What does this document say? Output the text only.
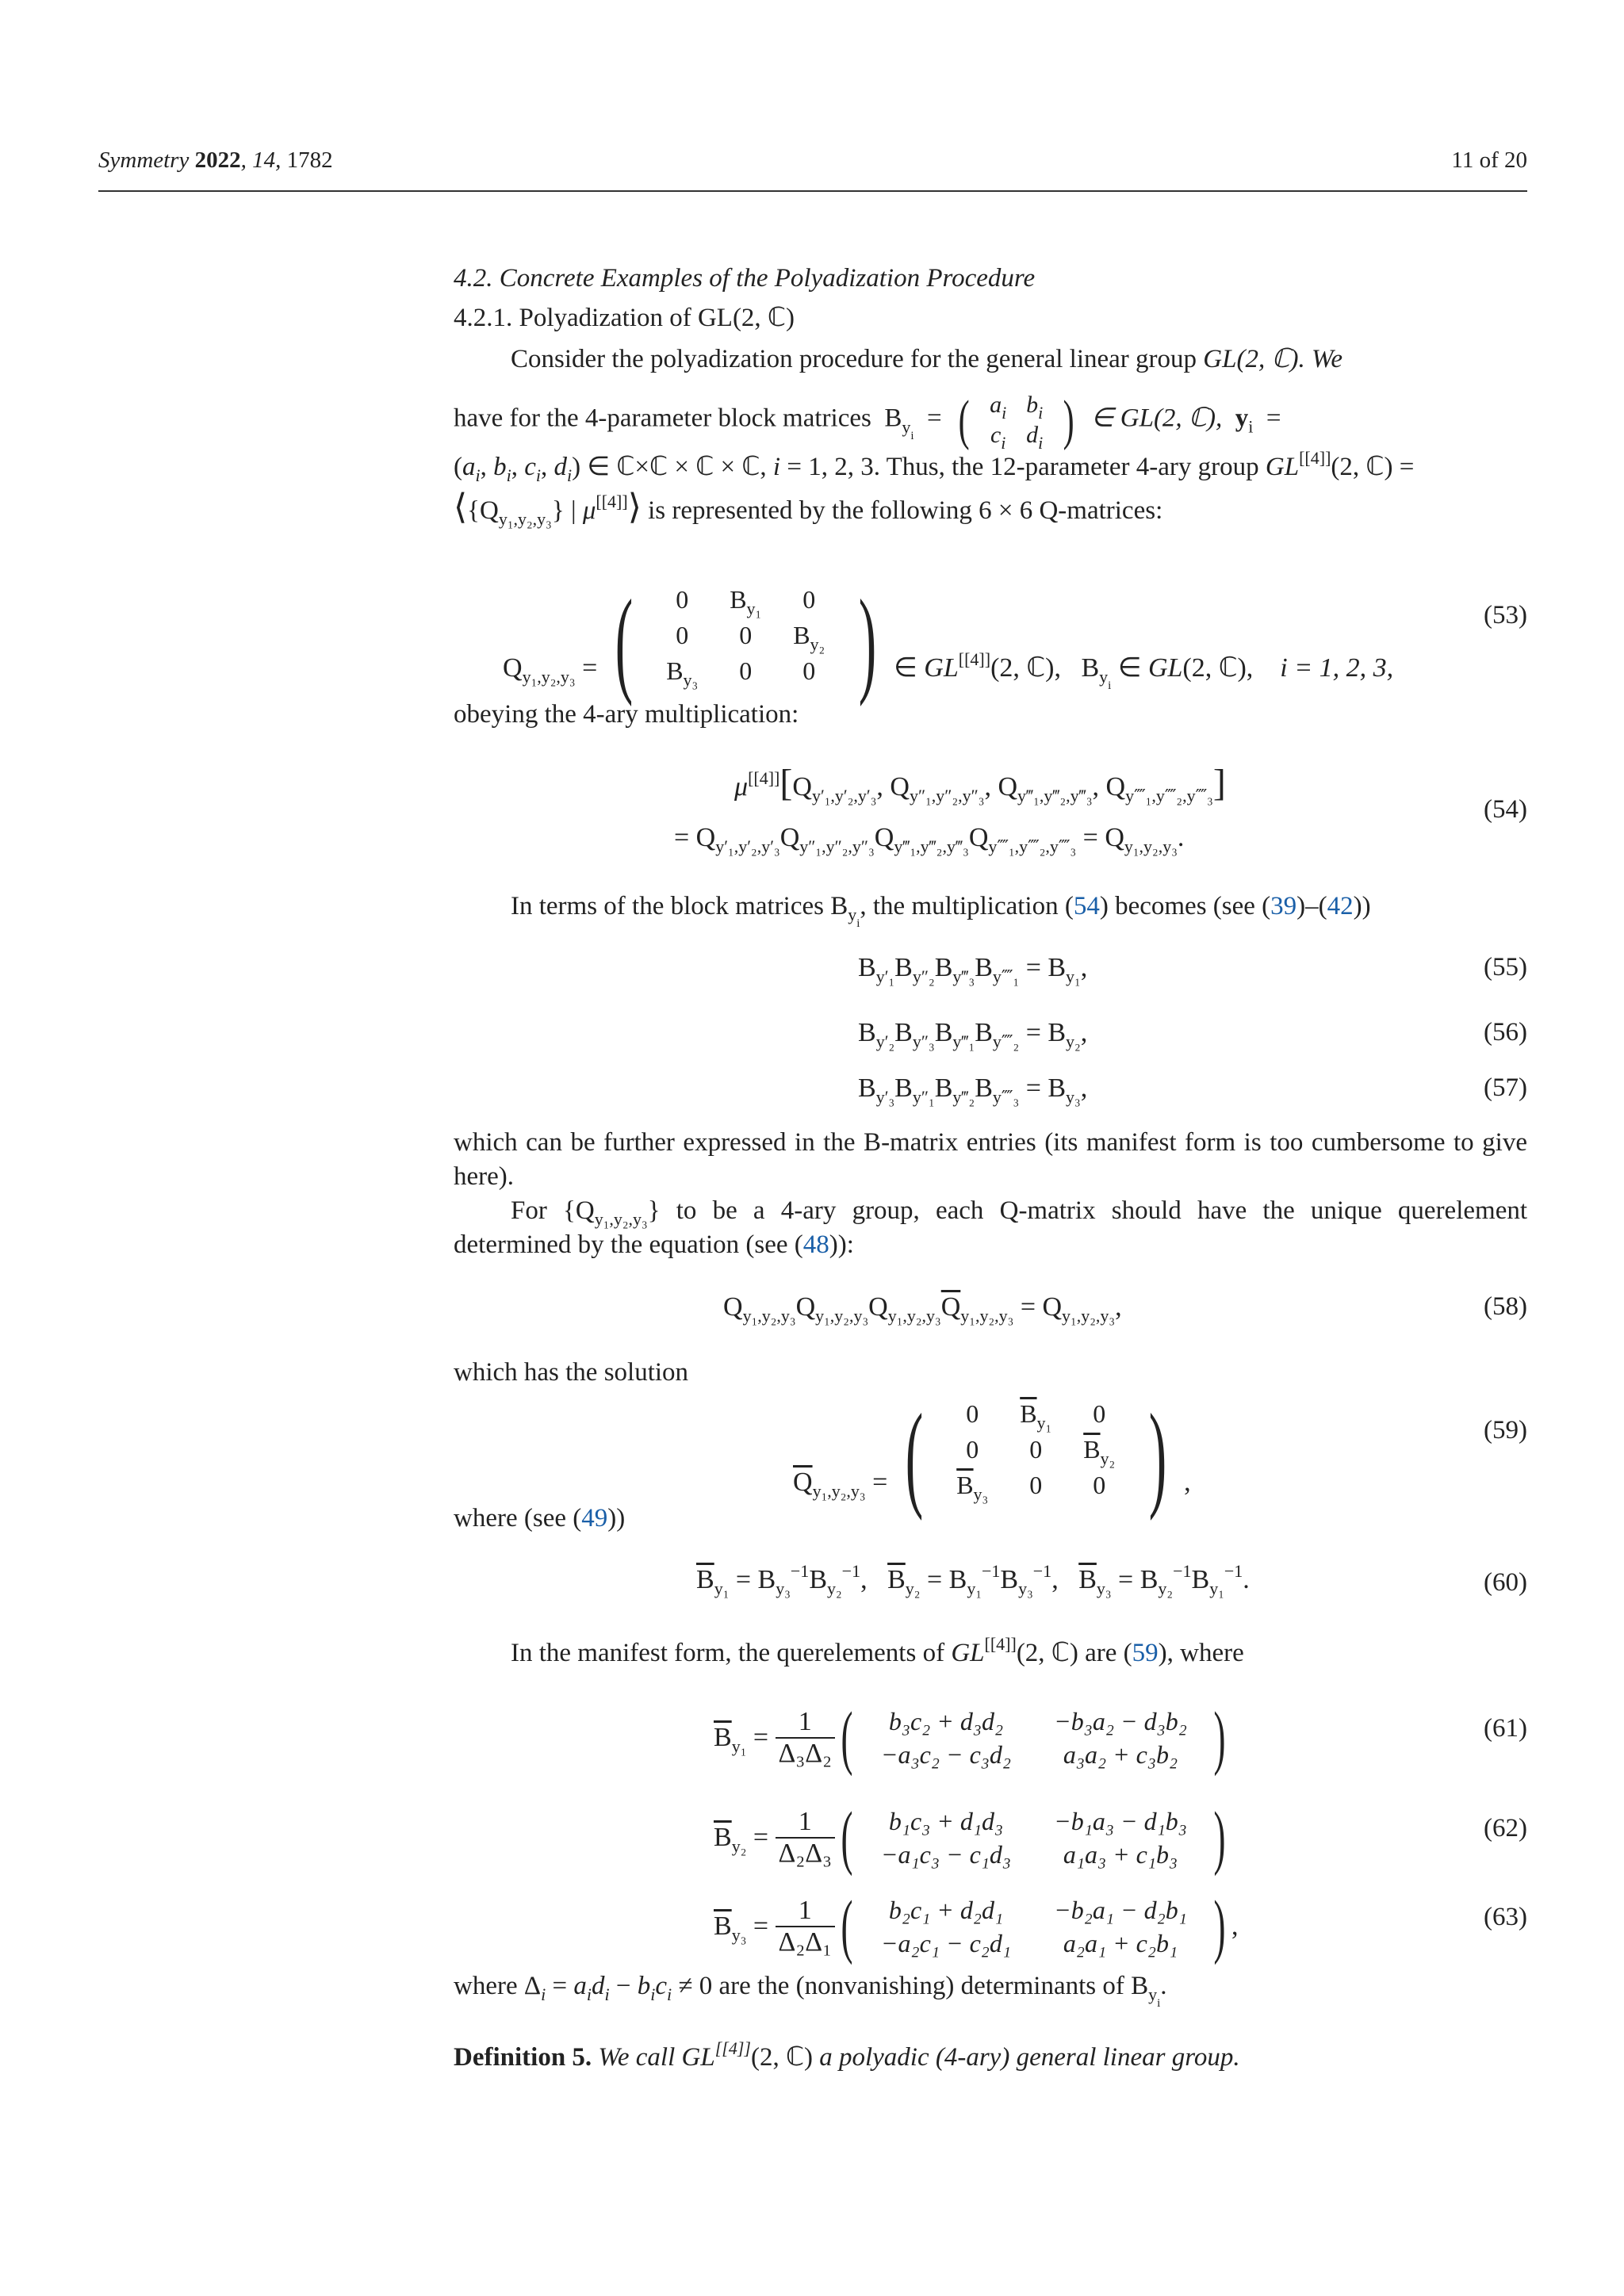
Symmetry 2022, 14, 1782	11 of 20
4.2. Concrete Examples of the Polyadization Procedure
4.2.1. Polyadization of GL(2, ℂ)
Consider the polyadization procedure for the general linear group GL(2, ℂ). We
have for the 4-parameter block matrices  $B_{y_i}$  =  ( $a_i$ $b_i$
$c_i$ $d_i$ ) ∈ GL(2, ℂ), $y_i$  =
($a_i$, $b_i$, $c_i$, $d_i$) ∈ ℂ×ℂ × ℂ × ℂ, i = 1, 2, 3. Thus, the 12-parameter 4-ary group GL[[4]](2, ℂ) =
$⟨\{Q_{y_1,y_2,y_3}\}$ | μ[[4]]⟩ is represented by the following 6 × 6 Q-matrices:
$Q_{y_1,y_2,y_3}$ = (	0	$B_{y_1}$	0
0	0	$B_{y_2}$
$B_{y_3}$	0	0 ) ∈ GL[[4]](2, ℂ),   $B_{y_i}$ ∈ GL(2, ℂ),    i = 1, 2, 3,
(53)
obeying the 4-ary multiplication:
$\mu[[4]][Q_{y'_1,y'_2,y'_3}$, $Q_{y''_1,y''_2,y''_3}$, $Q_{y‴_1,y‴_2,y‴_3}$, $Q_{y⁗_1,y⁗_2,y⁗_3}$]
= $Q_{y'_1,y'_2,y'_3}Q_{y''_1,y''_2,y''_3}Q_{y‴_1,y‴_2,y‴_3}Q_{y⁗_1,y⁗_2,y⁗_3} = Q_{y_1,y_2,y_3}$.
(54)
In terms of the block matrices $B_{y_i}$, the multiplication (54) becomes (see (39)–(42))
$B_{y'_1}B_{y''_2}B_{y‴_3}B_{y⁗_1} = B_{y_1}$,	(55)
$B_{y'_2}B_{y''_3}B_{y‴_1}B_{y⁗_2} = B_{y_2}$,	(56)
$B_{y'_3}B_{y''_1}B_{y‴_2}B_{y⁗_3} = B_{y_3}$,	(57)
which can be further expressed in the B-matrix entries (its manifest form is too cumbersome to give here).
For $\{Q_{y_1,y_2,y_3}\}$ to be a 4-ary group, each Q-matrix should have the unique querelement determined by the equation (see (48)):
$Q_{y_1,y_2,y_3}Q_{y_1,y_2,y_3}Q_{y_1,y_2,y_3}\overline{Q}_{y_1,y_2,y_3} = Q_{y_1,y_2,y_3}$,	(58)
which has the solution
$\overline{Q}_{y_1,y_2,y_3}$ = (	0	$\overline{B}_{y_1}$	0
0	0	$\overline{B}_{y_2}$
$\overline{B}_{y_3}$	0	0 ) ,
(59)
where (see (49))
$\overline{B}_{y_1} = B_{y_3}^{-1}B_{y_2}^{-1}$,   $\overline{B}_{y_2} = B_{y_1}^{-1}B_{y_3}^{-1}$,   $\overline{B}_{y_3} = B_{y_2}^{-1}B_{y_1}^{-1}$.	(60)
In the manifest form, the querelements of GL[[4]](2, ℂ) are (59), where
$\overline{B}_{y_1} = \frac{1}{\text{Δ₃Δ₂}}$ (	b₃c₂ + d₃d₂	−b₃a₂ − d₃b₂
−a₃c₂ − c₃d₂	a₃a₂ + c₃b₂ )	(61)
$\overline{B}_{y_2} = \frac{1}{\text{Δ₂Δ₃}}$ (	b₁c₃ + d₁d₃	−b₁a₃ − d₁b₃
−a₁c₃ − c₁d₃	a₁a₃ + c₁b₃ )	(62)
$\overline{B}_{y_3} = \frac{1}{\text{Δ₂Δ₁}}$ (	b₂c₁ + d₂d₁	−b₂a₁ − d₂b₁
−a₂c₁ − c₂d₁	a₂a₁ + c₂b₁ ) ,	(63)
where $\Delta_i = a_id_i - b_ic_i \ne 0$ are the (nonvanishing) determinants of $B_{y_i}$.
Definition 5. We call GL[[4]](2, ℂ) a polyadic (4-ary) general linear group.
